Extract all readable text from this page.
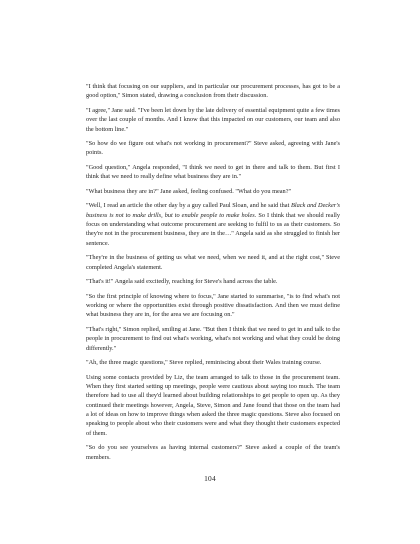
"I think that focusing on our suppliers, and in particular our procurement processes, has got to be a good option," Simon stated, drawing a conclusion from their discussion.

"I agree," Jane said. "I've been let down by the late delivery of essential equipment quite a few times over the last couple of months. And I know that this impacted on our customers, our team and also the bottom line."

"So how do we figure out what's not working in procurement?" Steve asked, agreeing with Jane's points.

"Good question," Angela responded, "I think we need to get in there and talk to them. But first I think that we need to really define what business they are in."

"What business they are in?" Jane asked, feeling confused. "What do you mean?"

"Well, I read an article the other day by a guy called Paul Sloan, and he said that Black and Decker's business is not to make drills, but to enable people to make holes. So I think that we should really focus on understanding what outcome procurement are seeking to fulfil to us as their customers. So they're not in the procurement business, they are in the…" Angela said as she struggled to finish her sentence.

"They're in the business of getting us what we need, when we need it, and at the right cost," Steve completed Angela's statement.

"That's it!" Angela said excitedly, reaching for Steve's hand across the table.

"So the first principle of knowing where to focus," Jane started to summarise, "is to find what's not working or where the opportunities exist through positive dissatisfaction. And then we must define what business they are in, for the area we are focusing on."

"That's right," Simon replied, smiling at Jane. "But then I think that we need to get in and talk to the people in procurement to find out what's working, what's not working and what they could be doing differently."

"Ah, the three magic questions," Steve replied, reminiscing about their Wales training course.

Using some contacts provided by Liz, the team arranged to talk to those in the procurement team. When they first started setting up meetings, people were cautious about saying too much. The team therefore had to use all they'd learned about building relationships to get people to open up. As they continued their meetings however, Angela, Steve, Simon and Jane found that those on the team had a lot of ideas on how to improve things when asked the three magic questions. Steve also focused on speaking to people about who their customers were and what they thought their customers expected of them.

"So do you see yourselves as having internal customers?" Steve asked a couple of the team's members.

104
